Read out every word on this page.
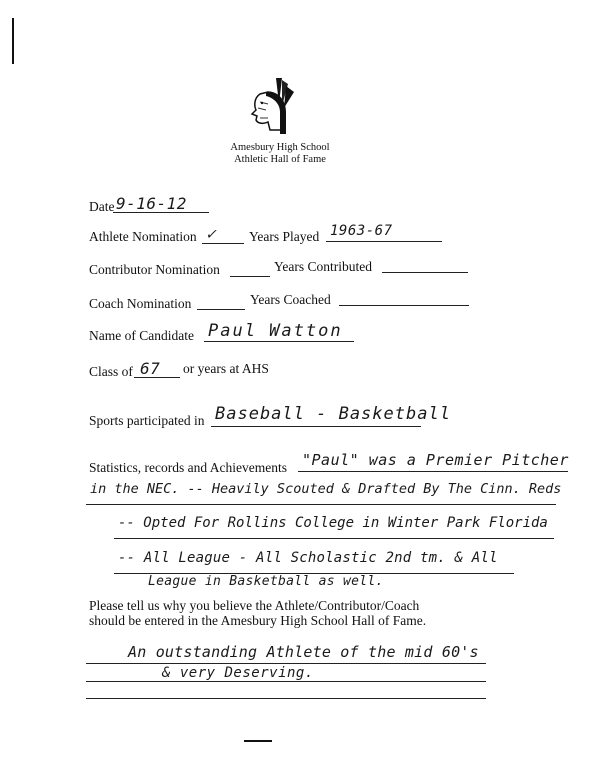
Amesbury High School
Athletic Hall of Fame
Date 9-16-12
Athlete Nomination ✓ Years Played 1963-67
Contributor Nomination	Years Contributed
Coach Nomination	Years Coached
Name of Candidate Paul Watton
Class of 67 or years at AHS
Sports participated in Baseball - Basketball
Statistics, records and Achievements "Paul" was a Premier Pitcher
in the NEC. -- Heavily Scouted & Drafted By The Cinn. Reds
-- Opted For Rollins College in Winter Park Florida
-- All League - All Scholastic 2nd tm. & All
League in Basketball as well.
Please tell us why you believe the Athlete/Contributor/Coach
should be entered in the Amesbury High School Hall of Fame.
An outstanding Athlete of the mid 60's
& very Deserving.
